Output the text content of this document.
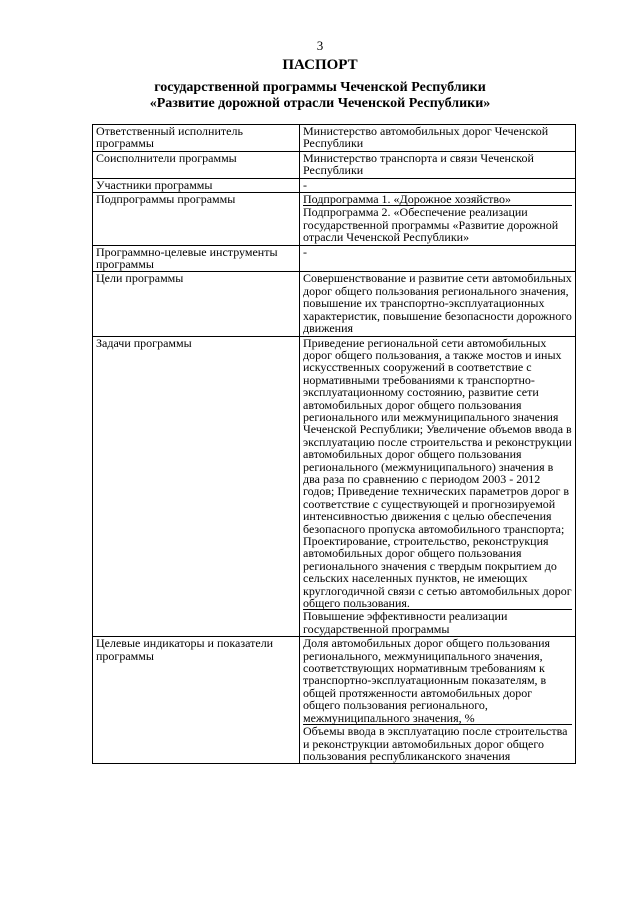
3
ПАСПОРТ
государственной программы Чеченской Республики
«Развитие дорожной отрасли Чеченской Республики»
Ответственный исполнитель программы	Министерство автомобильных дорог Чеченской Республики

Соисполнители программы	Министерство транспорта и связи Чеченской Республики

Участники программы	-

Подпрограммы программы	Подпрограмма 1. «Дорожное хозяйство»
Подпрограмма 2. «Обеспечение реализации государственной программы «Развитие дорожной отрасли Чеченской Республики»

Программно-целевые инструменты программы	-

Цели программы	Совершенствование и развитие сети автомобильных дорог общего пользования регионального значения, повышение их транспортно-эксплуатационных характеристик, повышение безопасности дорожного движения

Задачи программы	Приведение региональной сети автомобильных дорог общего пользования, а также мостов и иных искусственных сооружений в соответствие с нормативными требованиями к транспортно-эксплуатационному состоянию, развитие сети автомобильных дорог общего пользования регионального или межмуниципального значения Чеченской Республики; Увеличение объемов ввода в эксплуатацию после строительства и реконструкции автомобильных дорог общего пользования регионального (межмуниципального) значения в два раза по сравнению с периодом 2003 - 2012 годов; Приведение технических параметров дорог в соответствие с существующей и прогнозируемой интенсивностью движения с целью обеспечения безопасного пропуска автомобильного транспорта; Проектирование, строительство, реконструкция автомобильных дорог общего пользования регионального значения с твердым покрытием до сельских населенных пунктов, не имеющих круглогодичной связи с сетью автомобильных дорог общего пользования.
Повышение эффективности реализации государственной программы

Целевые индикаторы и показатели программы	Доля автомобильных дорог общего пользования регионального, межмуниципального значения, соответствующих нормативным требованиям к транспортно-эксплуатационным показателям, в общей протяженности автомобильных дорог общего пользования регионального, межмуниципального значения, %
Объемы ввода в эксплуатацию после строительства и реконструкции автомобильных дорог общего пользования республиканского значения
